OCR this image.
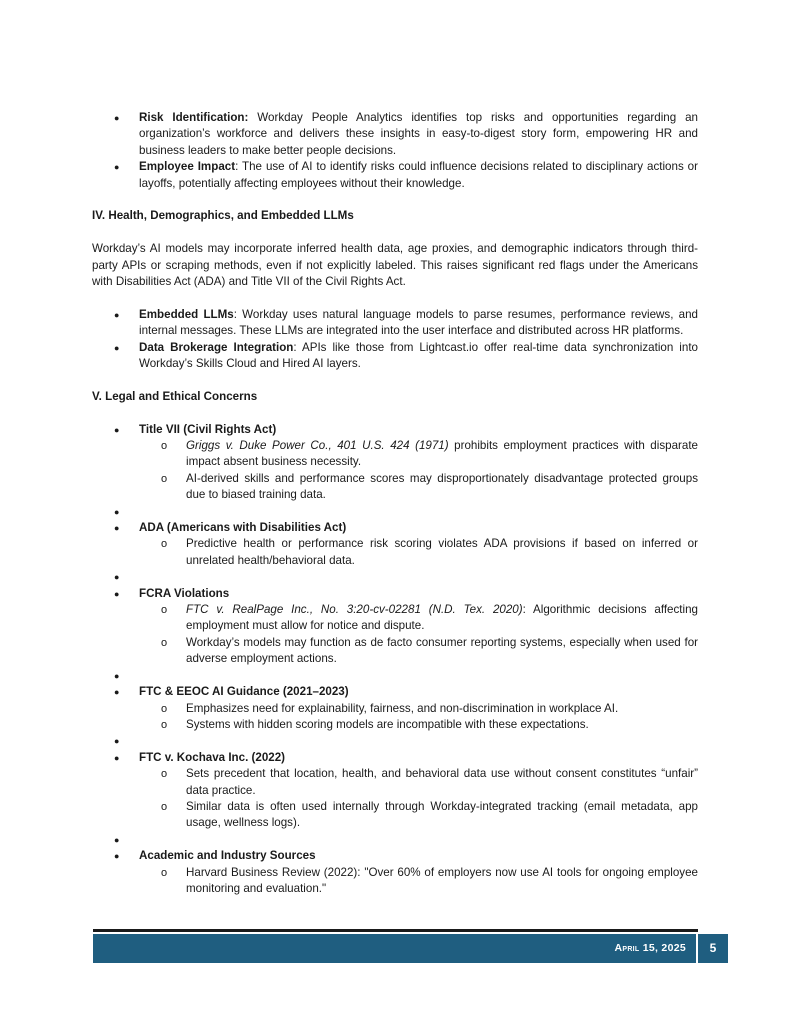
● Risk Identification: Workday People Analytics identifies top risks and opportunities regarding an organization’s workforce and delivers these insights in easy-to-digest story form, empowering HR and business leaders to make better people decisions.
● Employee Impact: The use of AI to identify risks could influence decisions related to disciplinary actions or layoffs, potentially affecting employees without their knowledge.

IV. Health, Demographics, and Embedded LLMs

Workday’s AI models may incorporate inferred health data, age proxies, and demographic indicators through third-party APIs or scraping methods, even if not explicitly labeled. This raises significant red flags under the Americans with Disabilities Act (ADA) and Title VII of the Civil Rights Act.

● Embedded LLMs: Workday uses natural language models to parse resumes, performance reviews, and internal messages. These LLMs are integrated into the user interface and distributed across HR platforms.
● Data Brokerage Integration: APIs like those from Lightcast.io offer real-time data synchronization into Workday’s Skills Cloud and Hired AI layers.

V. Legal and Ethical Concerns

● Title VII (Civil Rights Act)
o Griggs v. Duke Power Co., 401 U.S. 424 (1971) prohibits employment practices with disparate impact absent business necessity.
o AI-derived skills and performance scores may disproportionately disadvantage protected groups due to biased training data.
●
● ADA (Americans with Disabilities Act)
o Predictive health or performance risk scoring violates ADA provisions if based on inferred or unrelated health/behavioral data.
●
● FCRA Violations
o FTC v. RealPage Inc., No. 3:20-cv-02281 (N.D. Tex. 2020): Algorithmic decisions affecting employment must allow for notice and dispute.
o Workday’s models may function as de facto consumer reporting systems, especially when used for adverse employment actions.
●
● FTC & EEOC AI Guidance (2021–2023)
o Emphasizes need for explainability, fairness, and non-discrimination in workplace AI.
o Systems with hidden scoring models are incompatible with these expectations.
●
● FTC v. Kochava Inc. (2022)
o Sets precedent that location, health, and behavioral data use without consent constitutes “unfair” data practice.
o Similar data is often used internally through Workday-integrated tracking (email metadata, app usage, wellness logs).
●
● Academic and Industry Sources
o Harvard Business Review (2022): "Over 60% of employers now use AI tools for ongoing employee monitoring and evaluation."
April 15, 2025	5
